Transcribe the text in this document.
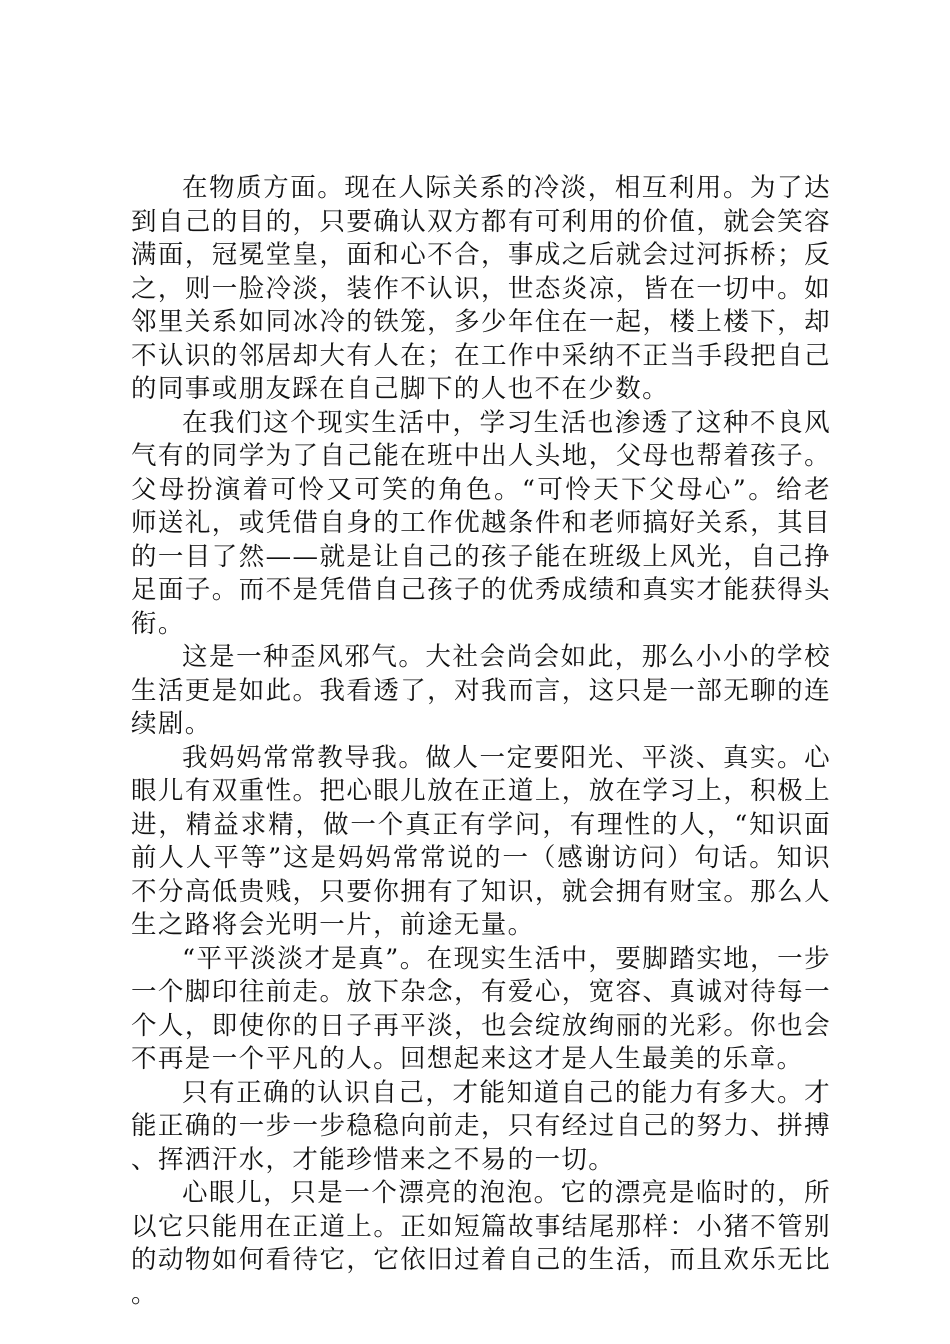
在物质方面。现在人际关系的冷淡，相互利用。为了达到自己的目的，只要确认双方都有可利用的价值，就会笑容满面，冠冕堂皇，面和心不合，事成之后就会过河拆桥；反之，则一脸冷淡，装作不认识，世态炎凉，皆在一切中。如邻里关系如同冰冷的铁笼，多少年住在一起，楼上楼下，却不认识的邻居却大有人在；在工作中采纳不正当手段把自己的同事或朋友踩在自己脚下的人也不在少数。

在我们这个现实生活中，学习生活也渗透了这种不良风气有的同学为了自己能在班中出人头地，父母也帮着孩子。父母扮演着可怜又可笑的角色。“可怜天下父母心”。给老师送礼，或凭借自身的工作优越条件和老师搞好关系，其目的一目了然——就是让自己的孩子能在班级上风光，自己挣足面子。而不是凭借自己孩子的优秀成绩和真实才能获得头衔。

这是一种歪风邪气。大社会尚会如此，那么小小的学校生活更是如此。我看透了，对我而言，这只是一部无聊的连续剧。

我妈妈常常教导我。做人一定要阳光、平淡、真实。心眼儿有双重性。把心眼儿放在正道上，放在学习上，积极上进，精益求精，做一个真正有学问，有理性的人，“知识面前人人平等”这是妈妈常常说的一（感谢访问）句话。知识不分高低贵贱，只要你拥有了知识，就会拥有财宝。那么人生之路将会光明一片，前途无量。

“平平淡淡才是真”。在现实生活中，要脚踏实地，一步一个脚印往前走。放下杂念，有爱心，宽容、真诚对待每一个人，即使你的日子再平淡，也会绽放绚丽的光彩。你也会不再是一个平凡的人。回想起来这才是人生最美的乐章。

只有正确的认识自己，才能知道自己的能力有多大。才能正确的一步一步稳稳向前走，只有经过自己的努力、拼搏、挥洒汗水，才能珍惜来之不易的一切。

心眼儿，只是一个漂亮的泡泡。它的漂亮是临时的，所以它只能用在正道上。正如短篇故事结尾那样：小猪不管别的动物如何看待它，它依旧过着自己的生活，而且欢乐无比。
